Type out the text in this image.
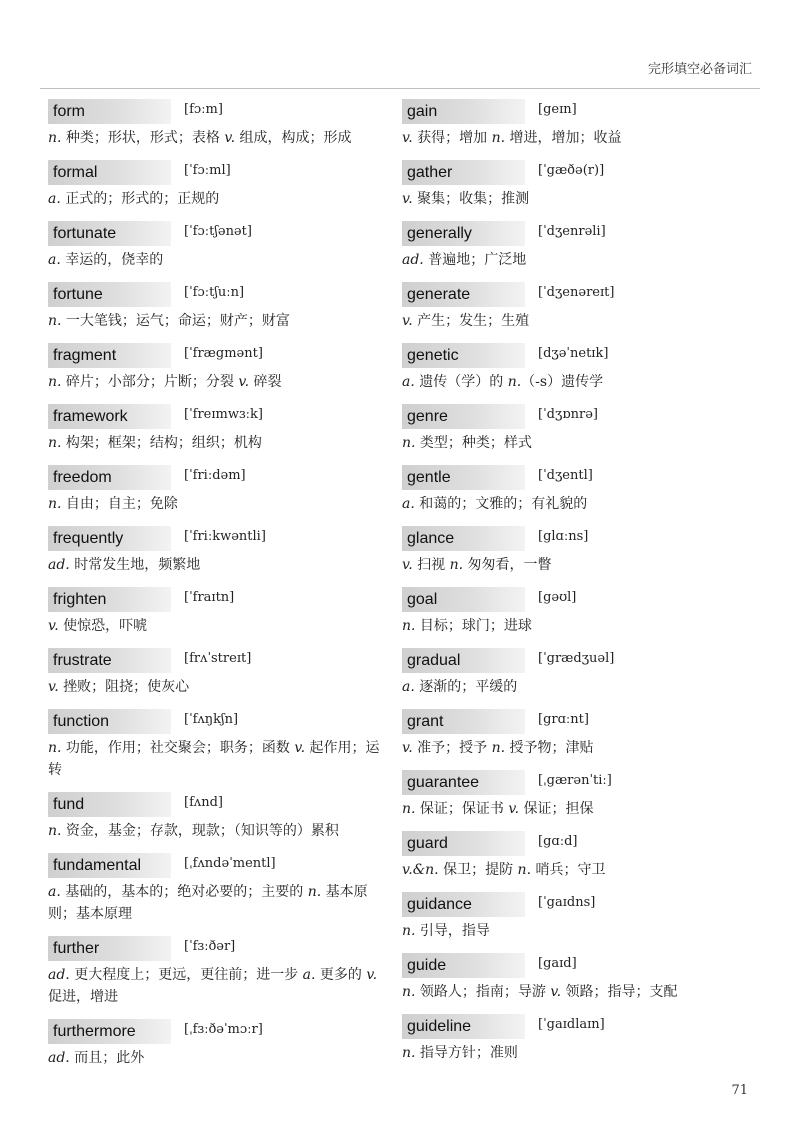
完形填空必备词汇
form	[fɔːm]
n. 种类；形状，形式；表格 v. 组成，构成；形成
formal	[ˈfɔːml]
a. 正式的；形式的；正规的
fortunate	[ˈfɔːtʃənət]
a. 幸运的，侥幸的
fortune	[ˈfɔːtʃuːn]
n. 一大笔钱；运气；命运；财产；财富
fragment	[ˈfrægmənt]
n. 碎片；小部分；片断；分裂 v. 碎裂
framework	[ˈfreɪmwɜːk]
n. 构架；框架；结构；组织；机构
freedom	[ˈfriːdəm]
n. 自由；自主；免除
frequently	[ˈfriːkwəntli]
ad. 时常发生地，频繁地
frighten	[ˈfraɪtn]
v. 使惊恐，吓唬
frustrate	[frʌˈstreɪt]
v. 挫败；阻挠；使灰心
function	[ˈfʌŋkʃn]
n. 功能，作用；社交聚会；职务；函数 v. 起作用；运转
fund	[fʌnd]
n. 资金，基金；存款，现款；（知识等的）累积
fundamental	[ˌfʌndəˈmentl]
a. 基础的，基本的；绝对必要的；主要的 n. 基本原则；基本原理
further	[ˈfɜːðər]
ad. 更大程度上；更远，更往前；进一步 a. 更多的 v. 促进，增进
furthermore	[ˌfɜːðəˈmɔːr]
ad. 而且；此外
gain	[geɪn]
v. 获得；增加 n. 增进，增加；收益
gather	[ˈgæðə(r)]
v. 聚集；收集；推测
generally	[ˈdʒenrəli]
ad. 普遍地；广泛地
generate	[ˈdʒenəreɪt]
v. 产生；发生；生殖
genetic	[dʒəˈnetɪk]
a. 遗传（学）的 n.（-s）遗传学
genre	[ˈdʒɒnrə]
n. 类型；种类；样式
gentle	[ˈdʒentl]
a. 和蔼的；文雅的；有礼貌的
glance	[glɑːns]
v. 扫视 n. 匆匆看，一瞥
goal	[gəʊl]
n. 目标；球门；进球
gradual	[ˈgrædʒuəl]
a. 逐渐的；平缓的
grant	[grɑːnt]
v. 准予；授予 n. 授予物；津贴
guarantee	[ˌgærənˈtiː]
n. 保证；保证书 v. 保证；担保
guard	[gɑːd]
v.&n. 保卫；提防 n. 哨兵；守卫
guidance	[ˈgaɪdns]
n. 引导，指导
guide	[gaɪd]
n. 领路人；指南；导游 v. 领路；指导；支配
guideline	[ˈgaɪdlaɪn]
n. 指导方针；准则
71
